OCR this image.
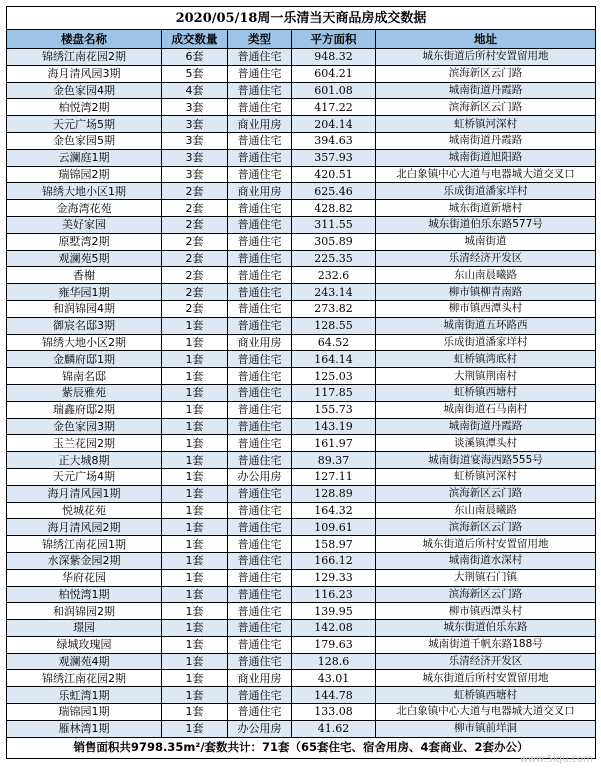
2020/05/18周一乐清当天商品房成交数据				
楼盘名称	成交数量	类型	平方面积	地址
锦绣江南花园2期	6套	普通住宅	948.32	城东街道后所村安置留用地
海月清风园3期	5套	普通住宅	604.21	滨海新区云门路
金色家园4期	4套	普通住宅	601.08	城南街道丹霞路
柏悦湾2期	3套	普通住宅	417.22	滨海新区云门路
天元广场5期	3套	商业用房	204.14	虹桥镇河深村
金色家园5期	3套	普通住宅	394.63	城南街道丹霞路
云澜庭1期	3套	普通住宅	357.93	城南街道旭阳路
瑞锦园2期	3套	普通住宅	420.51	北白象镇中心大道与电器城大道交叉口
锦绣大地小区1期	2套	商业用房	625.46	乐成街道潘家垟村
金海湾花苑	2套	普通住宅	428.82	城东街道新塘村
美好家园	2套	普通住宅	311.55	城东街道伯乐东路577号
原墅湾2期	2套	普通住宅	305.89	城南街道
观澜苑5期	2套	普通住宅	225.35	乐清经济开发区
香榭	2套	普通住宅	232.6	东山南晨曦路
雍华园1期	2套	普通住宅	243.14	柳市镇柳青南路
和润锦园4期	2套	普通住宅	273.82	柳市镇西潭头村
御宸名邸3期	1套	普通住宅	128.55	城南街道五环路西
锦绣大地小区2期	1套	商业用房	64.52	乐成街道潘家垟村
金麟府邸1期	1套	普通住宅	164.14	虹桥镇湾底村
锦南名邸	1套	普通住宅	125.03	大荆镇荆南村
紫辰雅苑	1套	普通住宅	117.85	虹桥镇西塘村
瑞鑫府邸2期	1套	普通住宅	155.73	城南街道石马南村
金色家园3期	1套	普通住宅	143.19	城南街道丹霞路
玉兰花园2期	1套	普通住宅	161.97	谈溪镇潭头村
正大城8期	1套	普通住宅	89.37	城南街道宴海西路555号
天元广场4期	1套	办公用房	127.11	虹桥镇河深村
海月清风园1期	1套	普通住宅	128.89	滨海新区云门路
悦城花苑	1套	普通住宅	164.32	东山南晨曦路
海月清风园2期	1套	普通住宅	109.61	滨海新区云门路
锦绣江南花园1期	1套	普通住宅	158.97	城东街道后所村安置留用地
水深紫金园2期	1套	普通住宅	166.12	城南街道水深村
华府花园	1套	普通住宅	129.33	大荆镇石门镇
柏悦湾1期	1套	普通住宅	116.23	滨海新区云门路
和润锦园2期	1套	普通住宅	139.95	柳市镇西潭头村
璟园	1套	普通住宅	142.08	城东街道伯乐东路
绿城玫瑰园	1套	普通住宅	179.63	城南街道千帆东路188号
观澜苑4期	1套	普通住宅	128.6	乐清经济开发区
锦绣江南花园2期	1套	商业用房	43.01	城东街道后所村安置留用地
乐虹湾1期	1套	普通住宅	144.78	虹桥镇西塘村
瑞锦园1期	1套	普通住宅	133.08	北白象镇中心大道与电器城大道交叉口
雁林湾1期	1套	办公用房	41.62	柳市镇前垟洞
销售面积共9798.35m²/套数共计：71套（65套住宅、宿舍用房、4套商业、2套办公）				
www.5iqu.com
